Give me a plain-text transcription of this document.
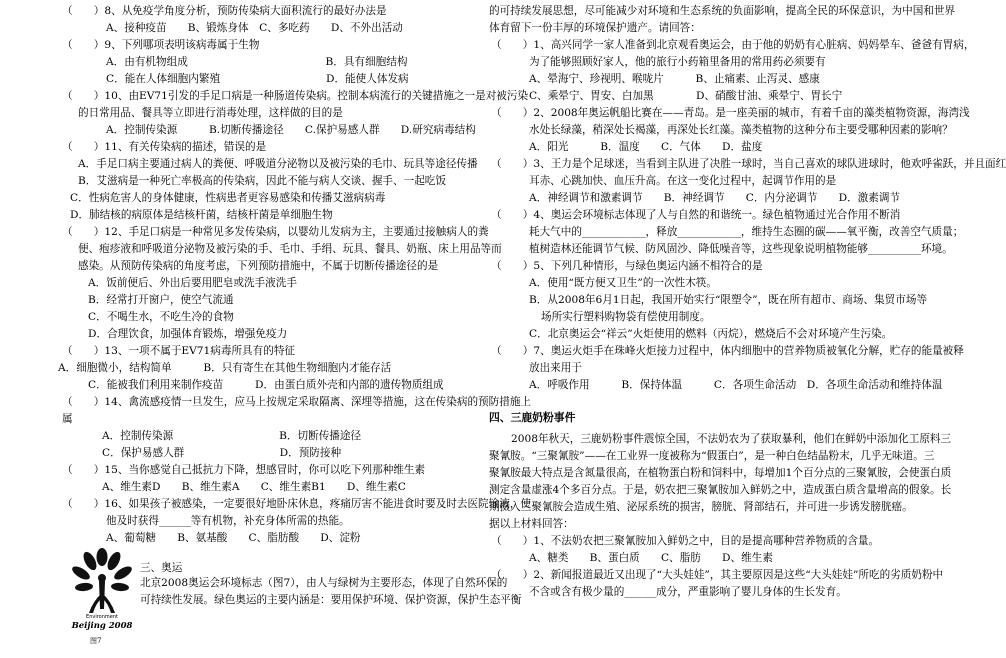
（　　）8、从免疫学角度分析，预防传染病大面积流行的最好办法是
A、接种疫苗　　B、锻炼身体　C、多吃药　　D、不外出活动
（　　）9、下列哪项表明该病毒属于生物
A．由有机物组成　　　　　　　　　　　　　B．具有细胞结构
C．能在人体细胞内繁殖　　　　　　　　　　D．能使人体发病
（　　）10、由EV71引发的手足口病是一种肠道传染病。控制本病流行的关键措施之一是对被污染
的日常用品、餐具等立即进行消毒处理，这样做的目的是
A．控制传染源　　　B.切断传播途径　　C.保护易感人群　　D.研究病毒结构
（　　）11、有关传染病的描述，错误的是
A．手足口病主要通过病人的粪便、呼吸道分泌物以及被污染的毛巾、玩具等途径传播
B．艾滋病是一种死亡率极高的传染病，因此不能与病人交谈、握手、一起吃饭
C．性病危害人的身体健康，性病患者更容易感染和传播艾滋病病毒
D．肺结核的病原体是结核杆菌，结核杆菌是单细胞生物
（　　）12、手足口病是一种常见多发传染病，以婴幼儿发病为主，主要通过接触病人的粪
便、疱疹液和呼吸道分泌物及被污染的手、毛巾、手绢、玩具、餐具、奶瓶、床上用品等而
感染。从预防传染病的角度考虑，下列预防措施中，不属于切断传播途径的是
A．饭前便后、外出后要用肥皂或洗手液洗手
B．经常打开窗户，使空气流通
C．不喝生水，不吃生冷的食物
D．合理饮食，加强体育锻炼，增强免疫力
（　　）13、一项不属于EV71病毒所具有的特征
A．细胞微小，结构简单　　　B．只有寄生在其他生物细胞内才能存活
C．能被我们利用来制作疫苗　　　D．由蛋白质外壳和内部的遗传物质组成
（　　）14、禽流感疫情一旦发生，应马上按规定采取隔离、深埋等措施，这在传染病的预防措施上
属
A．控制传染源　　　　　　　　　　B．切断传播途径
C．保护易感人群　　　　　　　　　D．预防接种
（　　）15、当你感觉自己抵抗力下降，想感冒时，你可以吃下列那种维生素
A、维生素D　　B、维生素A　　C、维生素B1　　D、维生素C
（　　）16、如果孩子被感染，一定要很好地卧床休息，疼痛厉害不能进食时要及时去医院输液，使
他及时获得______等有机物，补充身体所需的热能。
A、葡萄糖　　B、氨基酸　　C、脂肪酸　　D、淀粉
三、奥运
北京2008奥运会环境标志（图7），由人与绿树为主要形态，体现了自然环保的
可持续性发展。绿色奥运的主要内涵是：要用保护环境、保护资源，保护生态平衡
Environment
Beijing 2008
图7
的可持续发展思想，尽可能减少对环境和生态系统的负面影响，提高全民的环保意识，为中国和世界
体育留下一份丰厚的环境保护遗产。请回答：
（　　）1、高兴同学一家人准备到北京观看奥运会，由于他的奶奶有心脏病、妈妈晕车、爸爸有胃病，
为了能够照顾好家人，他的旅行小药箱里备用的常用药必须要有
A、晕海宁、珍视明、喉咙片　　　B、止痛素、止泻灵、感康
C、乘晕宁、胃安、白加黑　　　　D、硝酸甘油、乘晕宁、胃长宁
（　　）2、2008年奥运帆船比赛在——青岛。是一座美丽的城市，有着千亩的藻类植物资源，海湾浅
水处长绿藻，稍深处长褐藻，再深处长红藻。藻类植物的这种分布主要受哪种因素的影响？
A．阳光　　　B．温度　　C．气体　　D．盐度
（　　）3、王力是个足球迷，当看到主队进了决胜一球时，当自己喜欢的球队进球时，他欢呼雀跃，并且面红
耳赤、心跳加快、血压升高。在这一变化过程中，起调节作用的是
A．神经调节和激素调节　　B．神经调节　　C．内分泌调节　　D．激素调节
（　　）4、奥运会环境标志体现了人与自然的和谐统一。绿色植物通过光合作用不断消
耗大气中的____________，释放____________，维持生态圈的碳——氧平衡，改善空气质量；
植树造林还能调节气候、防风固沙、降低噪音等，这些现象说明植物能够__________环境。
（　　）5、下列几种情形，与绿色奥运内涵不相符合的是
A．使用“既方便又卫生”的一次性木筷。
B．从2008年6月1日起，我国开始实行“限塑令”，既在所有超市、商场、集贸市场等
场所实行塑料购物袋有偿使用制度。
C．北京奥运会“祥云”火炬使用的燃料（丙烷），燃烧后不会对环境产生污染。
（　　）7、奥运火炬手在珠峰火炬接力过程中，体内细胞中的营养物质被氧化分解，贮存的能量被释
放出来用于
A．呼吸作用　　　B．保持体温　　　C．各项生命活动　D．各项生命活动和维持体温
四、三鹿奶粉事件
2008年秋天，三鹿奶粉事件震惊全国，不法奶农为了获取暴利，他们在鲜奶中添加化工原料三
聚氰胺。“三聚氰胺”——在工业界一度被称为“假蛋白”，是一种白色结晶粉末，几乎无味道。三
聚氰胺最大特点是含氮量很高，在植物蛋白粉和饲料中，每增加1个百分点的三聚氰胺，会使蛋白质
测定含量虚涨4个多百分点。于是，奶农把三聚氰胺加入鲜奶之中，造成蛋白质含量增高的假象。长
期摄入三聚氰胺会造成生殖、泌尿系统的损害，膀胱、肾部结石，并可进一步诱发膀胱癌。
据以上材料回答：
（　　）1、不法奶农把三聚氰胺加入鲜奶之中，目的是提高哪种营养物质的含量。
A、糖类　　B、蛋白质　　C、脂肪　　D、维生素
（　　）2、新闻报道最近又出现了“大头娃娃”，其主要原因是这些“大头娃娃”所吃的劣质奶粉中
不含或含有极少量的______成分，严重影响了婴儿身体的生长发育。
